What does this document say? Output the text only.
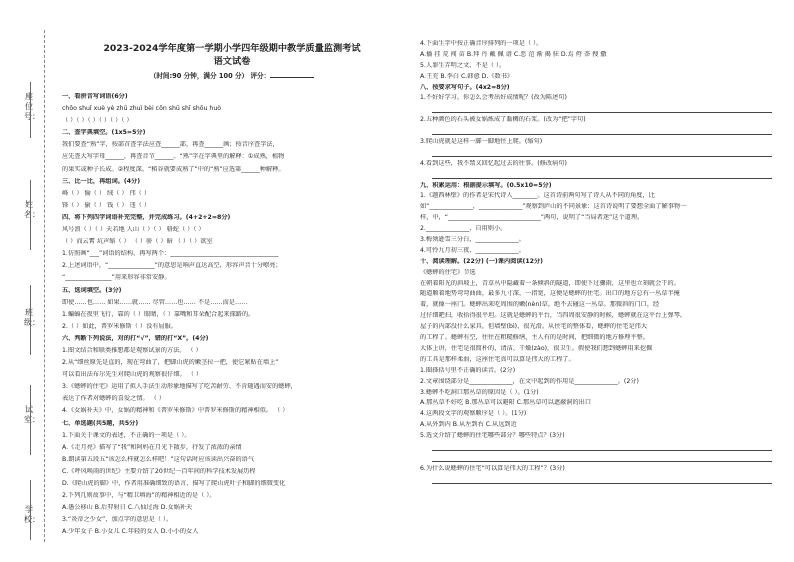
座位号：
姓名：
班级：
试室：
学校：
2023-2024学年度第一学期小学四年级期中教学质量监测考试
语文试卷
（时间:90 分钟，满分 100 分） 评分：
一、看拼音写词语(6分)
chōo shuǐ xuè yè zhū zhuì bèi cōn shū shī shōu huò
（ ）（ ）（ ）（ ）（ ）（ ）
二、查字典填空。(1x5=5分)
我们要查“熟”字，按部首查字法应查______部，再查______画；按音序查字法，
应先查大写字母______，再查音节______。“熟”字在字典里的解释：①成熟，植物
的果实或种子长成。②程度深。“稻谷就要成熟了”中的“熟”应选第______种解释。
三、比一比，再组词。(4分)
峰（ ） 愉（ ） 绒（ ） 伟（ ）
锋（ ） 偷（ ） 钱（ ） 违（ ）
四、将下列四字词语补充完整，并完成练习。(4+2+2=8分)
风号浪（ ）（ ）天若地 人山（ ）（ ） 骆蛇（ ）（ ）
（ ）而云霄 坑声缩（ ） （ ）骄（ ）暗 （ ）（ ）欲室
1.仿照画“___”词语的结构，再写两个：___________________________________
2.上述词语中，“_______________”的意思是响声直达高空，形容声音十分嘹亮；
“_______________”用来形容非常安静。
五、选词填空。(3分)
即使……也…… 如果……就…… 尽管……也…… 不是……而是……
1.蝙蝠在夜里飞行，靠的（ ）眼睛，（ ）靠嘴和耳朵配合起来探路的。
2.（ ）如此，普罗米修斯（ ）没有屈服。
六、判断下列说法，对的打“√”，错的打“X”。(4分)
1.图文结合和联类推想都是观察试景的方法。 （ ）
2.从“细丝原先是直的，现在弯曲了，把脚山虎的嫩茎拉一把，使它紧贴在墙上”
可以看出法布尔先生对爬山虎的观察很仔细。 （ ）
3.《蟋蟀的住宅》运用了拟人手法生动形象地描写了吃苦耐劳、不肯随遇而安的蟋蟀，
表达了作者对蟋蟀的喜爱之情。 （ ）
4.《女娲补天》中，女娲的精神和《普罗米修斯》中普罗米修斯的精神相似。 （ ）
七、单选题(共5题，共5分)
1.下面关于课文的表述，不正确的一项是（ ）。
A.《走月亮》描写了“我”和阿妈在月光下散步，抒发了浓浓的亲情
B.朗读第五段五“该怎么样就怎么样吧！”这句话时应该读出兴奋的语气
C.《呼风唤雨的世纪》主要介绍了20世纪一百年间的科学技术发展历程
D.《爬山虎的脚》中，作者用准确细致的语言，描写了爬山虎叶子和脚的细微变化
2.下列几则故事中，与“精卫填海”的精神相近的是（ ）。
A.愚公移山 B.后羿射日 C.八仙过海 D.女娲补天
3.“炎帝之少女”，加点字的意思是（ ）。
A.少年女子 B.小女儿 C.年轻的女人 D.小小的女人
4.下面生字中按正确音序排列的一项是（ ）。
A.播 挂 荒 闯 苗 B.拜 丹 戴 佩 谱 C.恶 范 渐 揭 驻 D.焉 侉 荼 搜 撒
5.人罪生弄明之文，不是（ ）。
A.王充 B.李白 C.韩愈 D.《数书》
八、按要求写句子。(4x2=8分)
1.不好好学习，你怎么会考出好成绩呢？(改为陈述句)
2.五种颜色的石头被女娲炼成了黏稠的石浆。(改为“把”字句)
3.爬山虎就是这样一脚一脚地往上爬。(缩句)
4.看到这些，我不禁又回忆起过去的往事。(修改病句)
九、积累运用：根据提示填写。(0.5x10=5分)
1.《题西林壁》的作者是宋代诗人________。这首诗前两句写了诗人从不同的角度，比
如“______________，______________”观察到庐山的不同景象：这首诗说明了要想全面了解事物一
样，中，“______________________________”两句，说明了“当局者迷”这个道理。
2.______________，自用则小。
3.梅须逊雪三分白，______________。
4.可怜九月初三夜，______________。
十、阅读理解。(22分) (一)课内阅读(12分)
《蟋蟀的住宅》节选
在朝着阳光的斜坡上，青草丛中隐藏着一条倾斜的隧道，即使下过骤雨，这里也立刻就会干的。
随道顺着地势弯弯曲曲，最多九寸深，一指宽，这便是蟋蟀的住宅。出口的地方总有一丛草半掩
着，就像一座门。蟋蟀出来吃周围的嫩(nèn)草，绝不去碰这一丛草。那微斜的门口，经
过仔细耙扫，收拾得很平坦。这就是蟋蟀的平台，当四周很安静的时候，蟋蟀就在这平台上弹琴。
屋子的内部没什么家具，但墙壁(bì)，很光滑。从住宅的整体看，蟋蟀的住宅是伟大
的工程了。蟋蟀有空，往往在粗糙修缮，主人有的是时间，把细微的地方修理平整。
大体上讲，住宅是很简朴的，清洁、干燥(zào)，很卫生。假使我们想到蟋蟀用来挖掘
的工具是那样柔弱，这座住宅真可以算是伟大的工程了。
1.圈择括号里不正确的读音。(2分)
2.文章围绕部分是______________，在文中起到的作用是______________。(2分)
3.蟋蟀不吃洞口那丛草的原因是（ ）。(1分)
A.那丛草不好吃 B.那丛草可以避阳 C.那丛草可以遮蔽洞的出口
4.这两段文字的观察顺序是（ ）。(1分)
A.从外到内 B.从左到右 C.从远到近
5.选文介绍了蟋蟀的住宅哪些部分？哪些特点？(3分)
6.为什么说蟋蟀的住宅“可以算是伟大的工程”？(3分)
